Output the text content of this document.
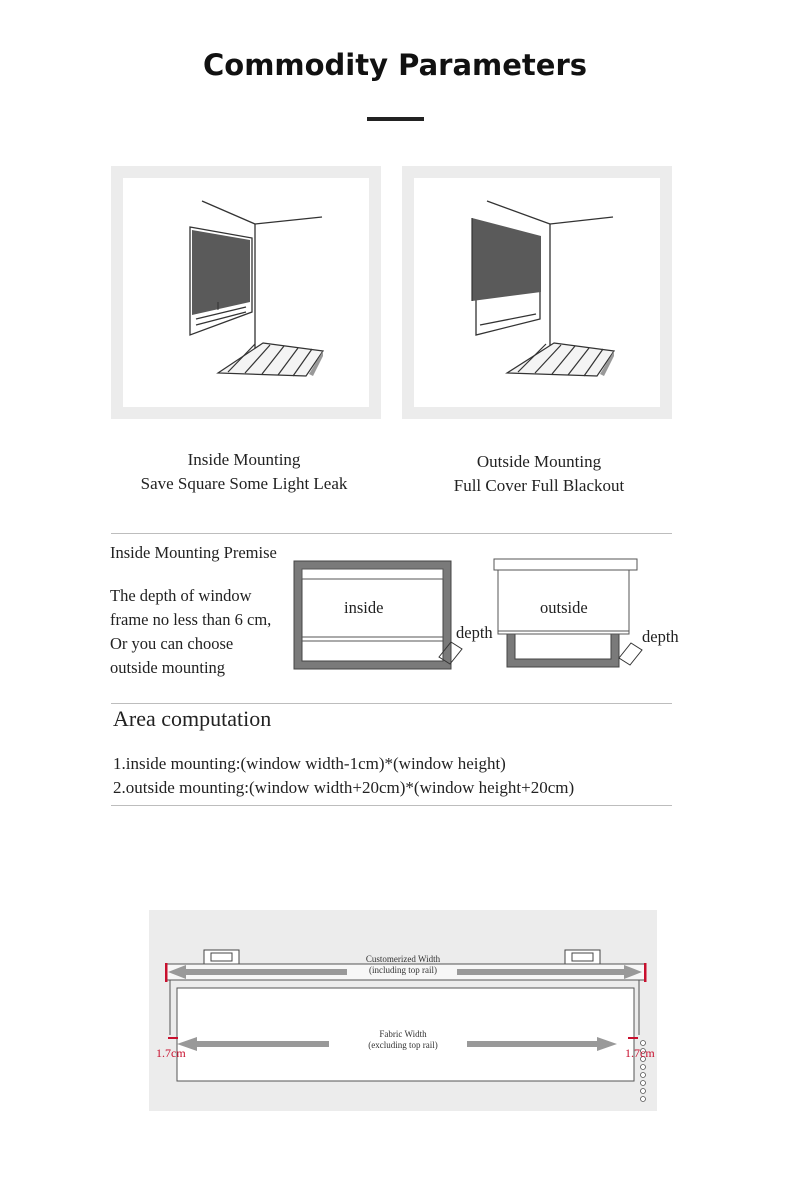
Commodity Parameters
Inside Mounting
Save Square Some Light Leak
Outside Mounting
Full Cover Full Blackout
Inside Mounting Premise
The depth of window
frame no less than 6 cm,
Or you can choose
outside mounting
inside
depth
outside
depth
Area computation
1.inside mounting:(window width-1cm)*(window height)
2.outside mounting:(window width+20cm)*(window height+20cm)
Customerized Width
(including top rail)
Fabric Width
(excluding top rail)
1.7cm	1.7cm
